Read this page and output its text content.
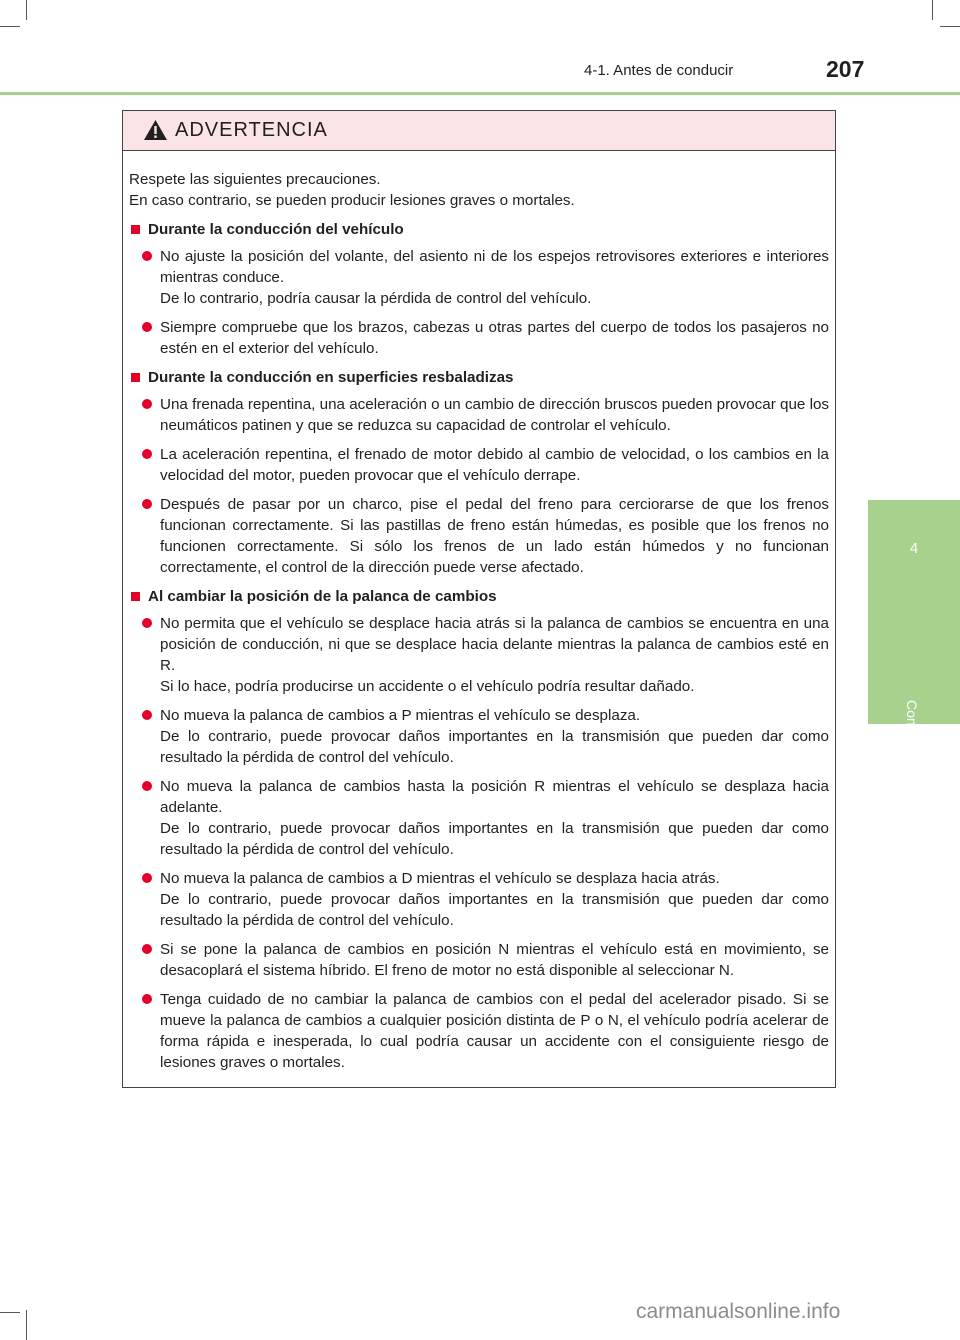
4-1. Antes de conducir	207
4
Conducción
ADVERTENCIA

Respete las siguientes precauciones.

En caso contrario, se pueden producir lesiones graves o mortales.

Durante la conducción del vehículo

No ajuste la posición del volante, del asiento ni de los espejos retrovisores exteriores e interiores mientras conduce.

De lo contrario, podría causar la pérdida de control del vehículo.

Siempre compruebe que los brazos, cabezas u otras partes del cuerpo de todos los pasajeros no estén en el exterior del vehículo.

Durante la conducción en superficies resbaladizas

Una frenada repentina, una aceleración o un cambio de dirección bruscos pueden provocar que los neumáticos patinen y que se reduzca su capacidad de controlar el vehículo.

La aceleración repentina, el frenado de motor debido al cambio de velocidad, o los cambios en la velocidad del motor, pueden provocar que el vehículo derrape.

Después de pasar por un charco, pise el pedal del freno para cerciorarse de que los frenos funcionan correctamente. Si las pastillas de freno están húmedas, es posible que los frenos no funcionen correctamente. Si sólo los frenos de un lado están húmedos y no funcionan correctamente, el control de la dirección puede verse afectado.

Al cambiar la posición de la palanca de cambios

No permita que el vehículo se desplace hacia atrás si la palanca de cambios se encuentra en una posición de conducción, ni que se desplace hacia delante mientras la palanca de cambios esté en R.

Si lo hace, podría producirse un accidente o el vehículo podría resultar dañado.

No mueva la palanca de cambios a P mientras el vehículo se desplaza.

De lo contrario, puede provocar daños importantes en la transmisión que pueden dar como resultado la pérdida de control del vehículo.

No mueva la palanca de cambios hasta la posición R mientras el vehículo se desplaza hacia adelante.

De lo contrario, puede provocar daños importantes en la transmisión que pueden dar como resultado la pérdida de control del vehículo.

No mueva la palanca de cambios a D mientras el vehículo se desplaza hacia atrás.

De lo contrario, puede provocar daños importantes en la transmisión que pueden dar como resultado la pérdida de control del vehículo.

Si se pone la palanca de cambios en posición N mientras el vehículo está en movimiento, se desacoplará el sistema híbrido. El freno de motor no está disponible al seleccionar N.

Tenga cuidado de no cambiar la palanca de cambios con el pedal del acelerador pisado. Si se mueve la palanca de cambios a cualquier posición distinta de P o N, el vehículo podría acelerar de forma rápida e inesperada, lo cual podría causar un accidente con el consiguiente riesgo de lesiones graves o mortales.

carmanualsonline.info
